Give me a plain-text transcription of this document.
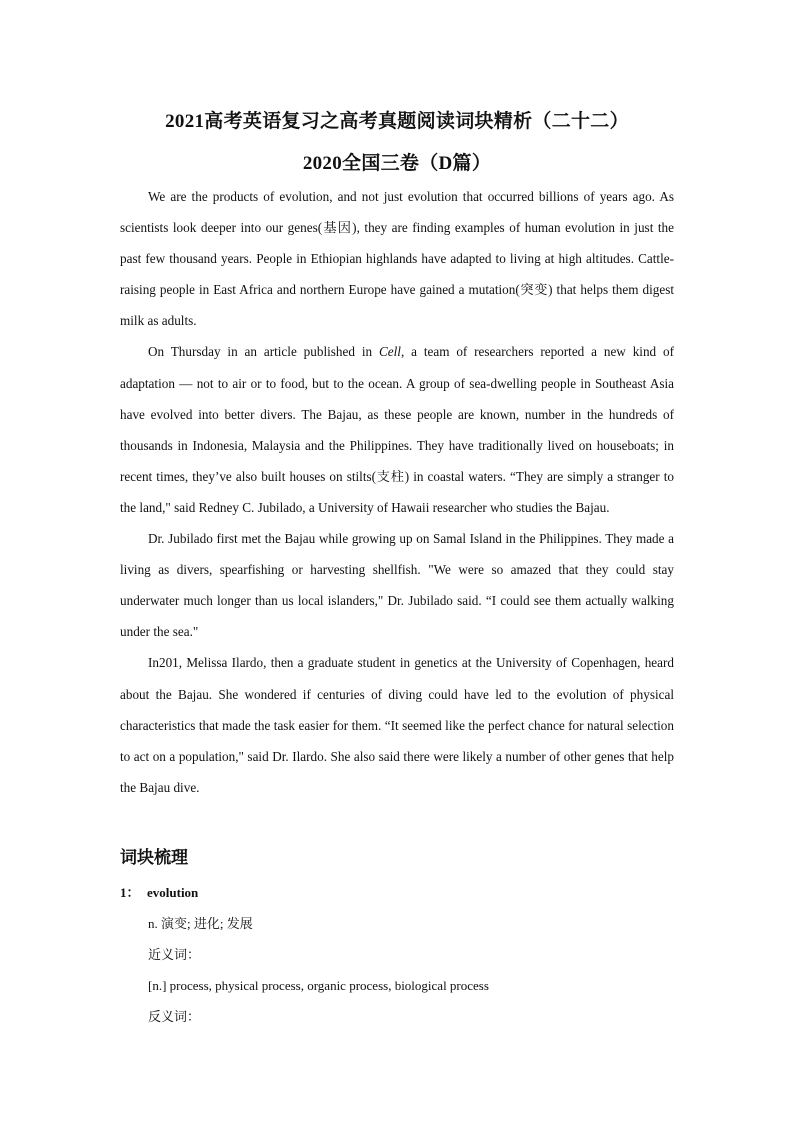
2021高考英语复习之高考真题阅读词块精析（二十二）
2020全国三卷（D篇）

We are the products of evolution, and not just evolution that occurred billions of years ago. As scientists look deeper into our genes(基因), they are finding examples of human evolution in just the past few thousand years. People in Ethiopian highlands have adapted to living at high altitudes. Cattle-raising people in East Africa and northern Europe have gained a mutation(突变) that helps them digest milk as adults.

On Thursday in an article published in Cell, a team of researchers reported a new kind of adaptation — not to air or to food, but to the ocean. A group of sea-dwelling people in Southeast Asia have evolved into better divers. The Bajau, as these people are known, number in the hundreds of thousands in Indonesia, Malaysia and the Philippines. They have traditionally lived on houseboats; in recent times, they’ve also built houses on stilts(支柱) in coastal waters. “They are simply a stranger to the land," said Redney C. Jubilado, a University of Hawaii researcher who studies the Bajau.

Dr. Jubilado first met the Bajau while growing up on Samal Island in the Philippines. They made a living as divers, spearfishing or harvesting shellfish. "We were so amazed that they could stay underwater much longer than us local islanders," Dr. Jubilado said. “I could see them actually walking under the sea."

In201, Melissa Ilardo, then a graduate student in genetics at the University of Copenhagen, heard about the Bajau. She wondered if centuries of diving could have led to the evolution of physical characteristics that made the task easier for them. “It seemed like the perfect chance for natural selection to act on a population," said Dr. Ilardo. She also said there were likely a number of other genes that help the Bajau dive.

词块梳理
1： evolution
n. 演变; 进化; 发展
近义词：
[n.] process, physical process, organic process, biological process
反义词：
